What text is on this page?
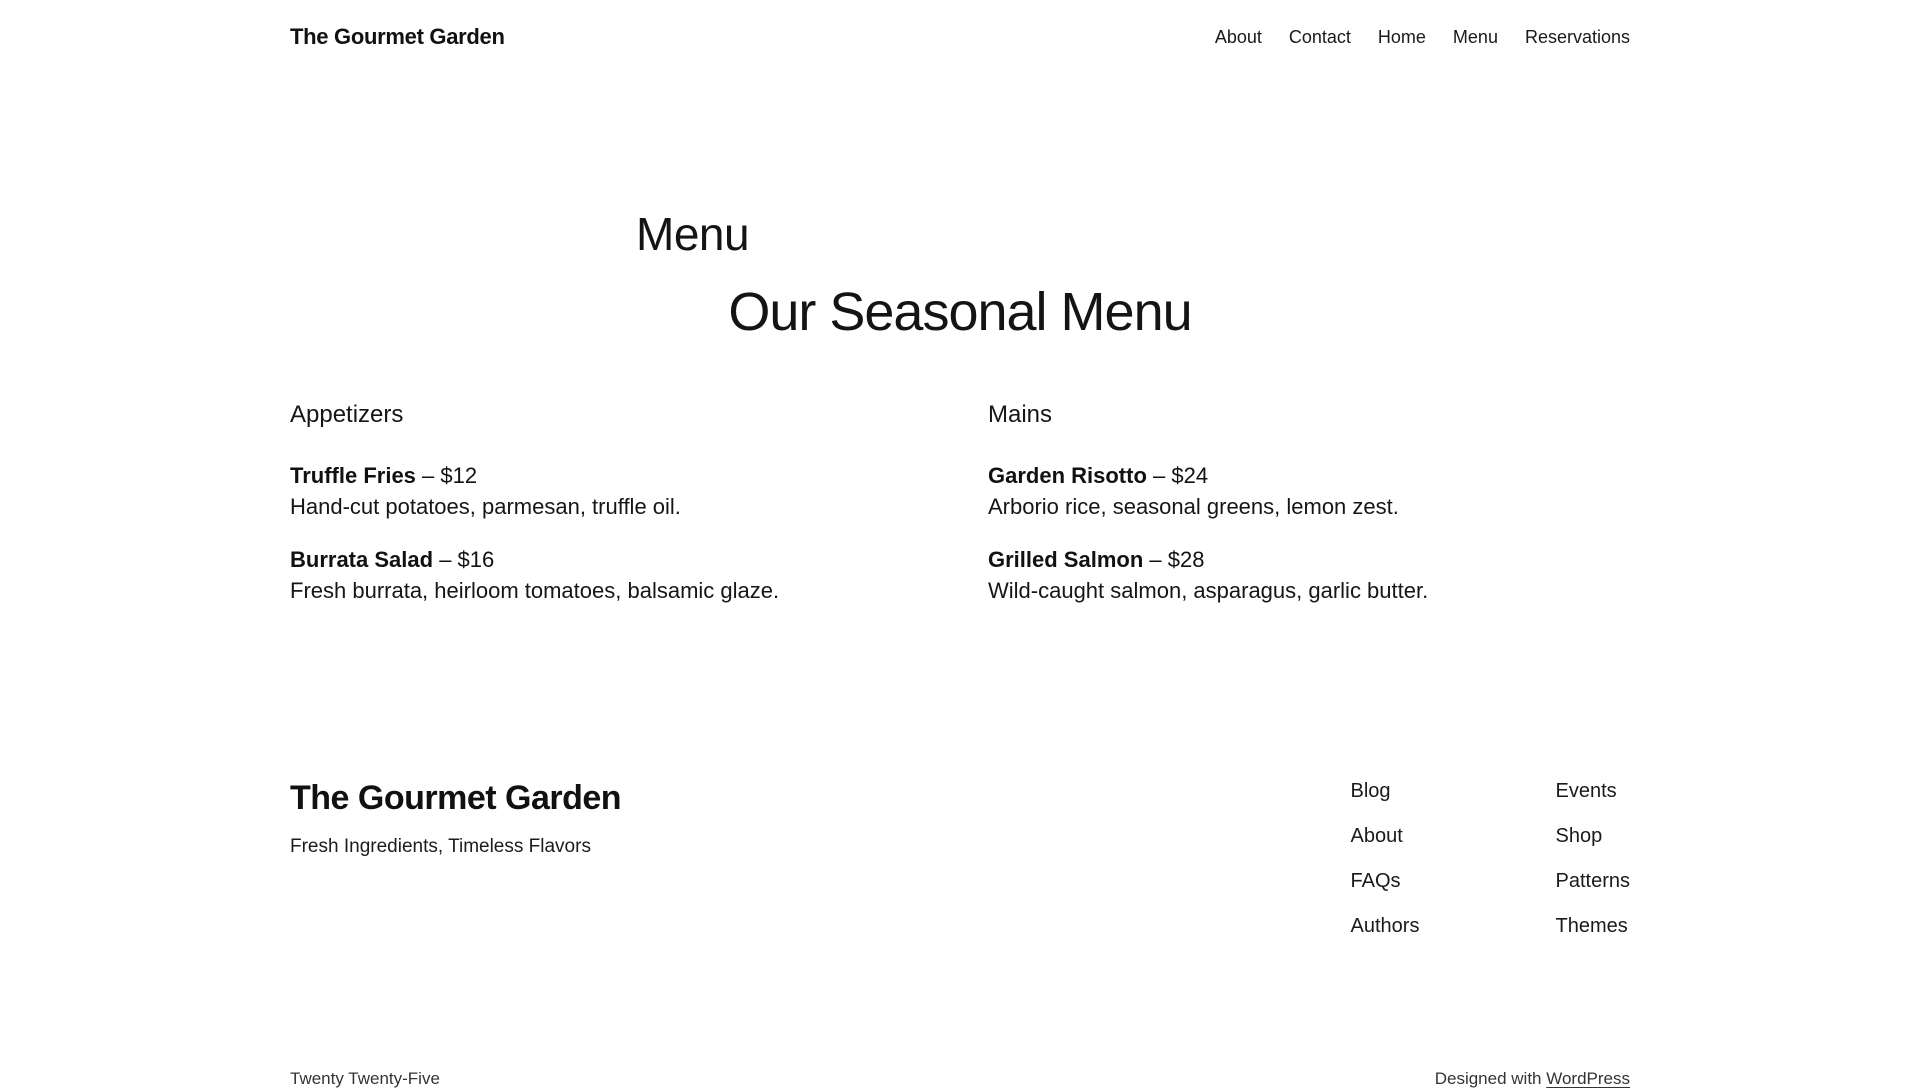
The Gourmet Garden	About Contact Home Menu Reservations
Menu
Our Seasonal Menu
Appetizers
Truffle Fries – $12
Hand-cut potatoes, parmesan, truffle oil.
Burrata Salad – $16
Fresh burrata, heirloom tomatoes, balsamic glaze.
Mains
Garden Risotto – $24
Arborio rice, seasonal greens, lemon zest.
Grilled Salmon – $28
Wild-caught salmon, asparagus, garlic butter.
The Gourmet Garden
Fresh Ingredients, Timeless Flavors
Blog
About
FAQs
Authors
Events
Shop
Patterns
Themes
Twenty Twenty-Five	Designed with WordPress
